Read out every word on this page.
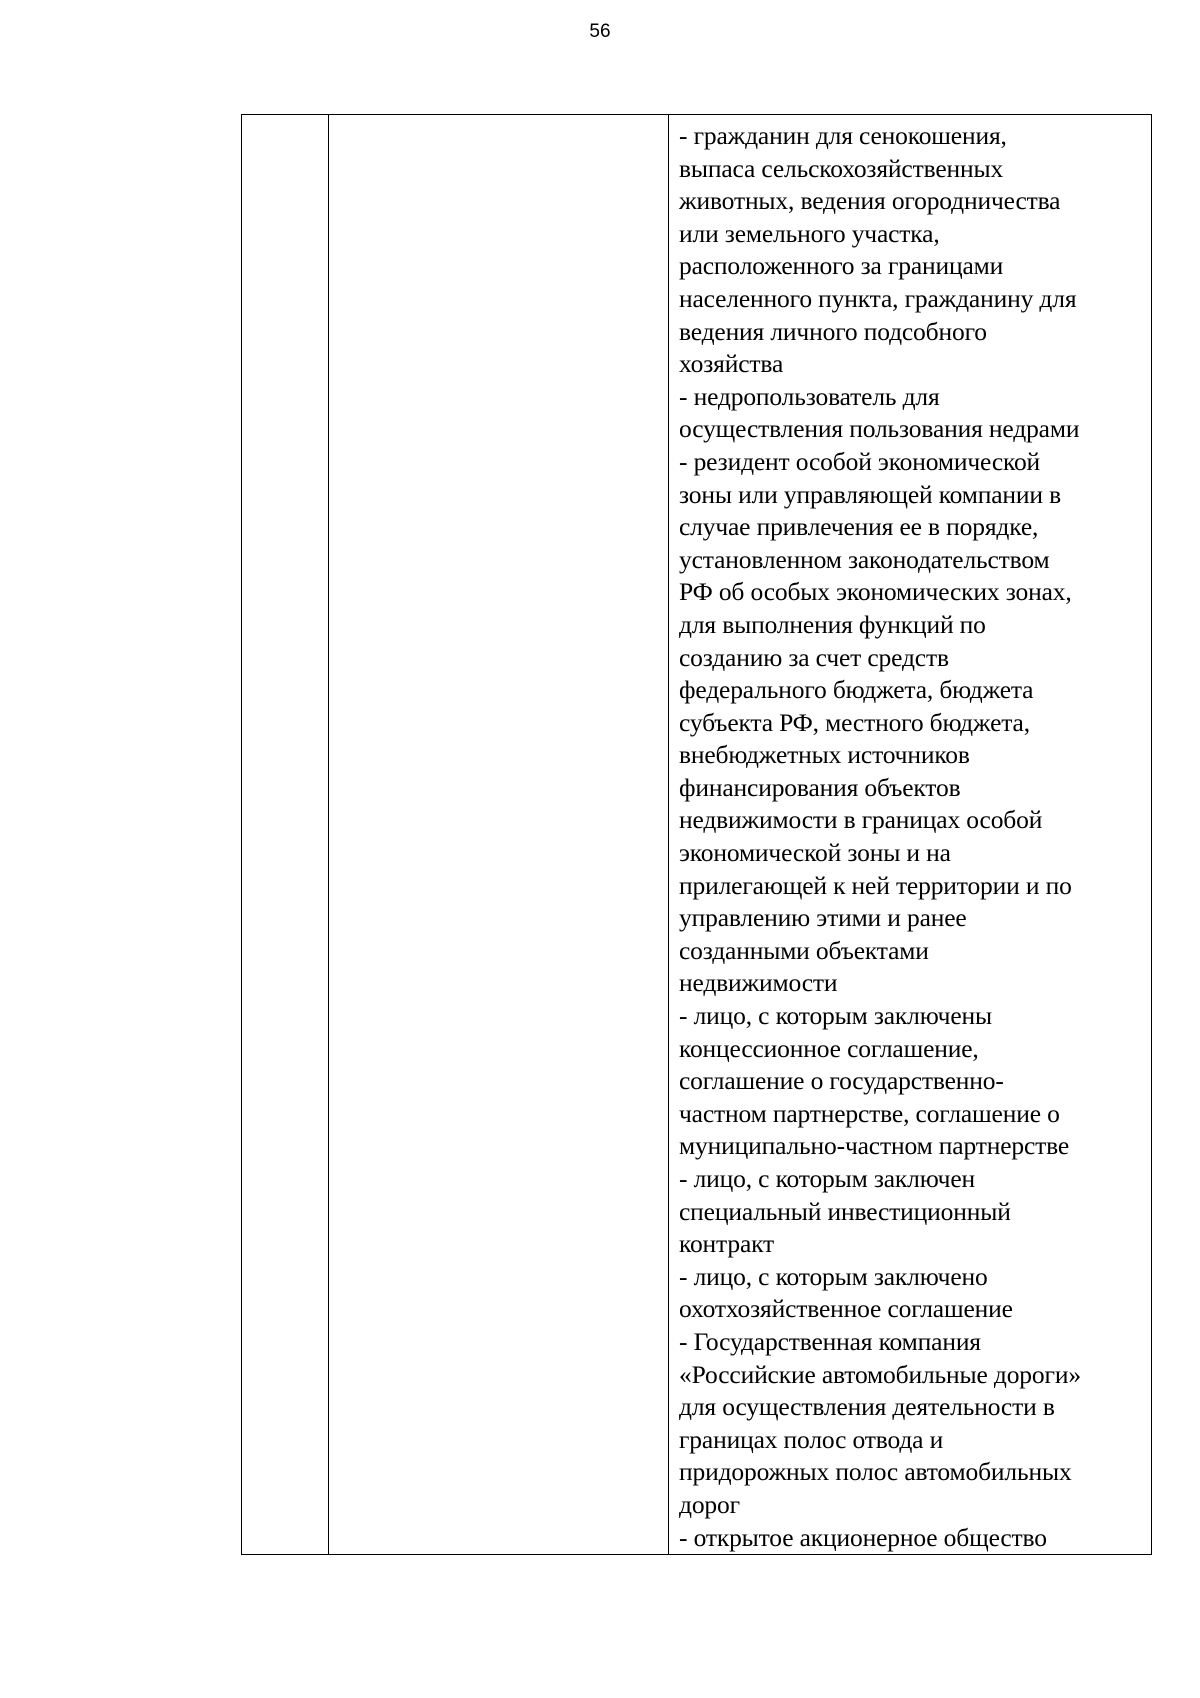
56

- гражданин для сенокошения,
выпаса сельскохозяйственных
животных, ведения огородничества
или земельного участка,
расположенного за границами
населенного пункта, гражданину для
ведения личного подсобного
хозяйства
- недропользователь для
осуществления пользования недрами
- резидент особой экономической
зоны или управляющей компании в
случае привлечения ее в порядке,
установленном законодательством
РФ об особых экономических зонах,
для выполнения функций по
созданию за счет средств
федерального бюджета, бюджета
субъекта РФ, местного бюджета,
внебюджетных источников
финансирования объектов
недвижимости в границах особой
экономической зоны и на
прилегающей к ней территории и по
управлению этими и ранее
созданными объектами
недвижимости
- лицо, с которым заключены
концессионное соглашение,
соглашение о государственно-
частном партнерстве, соглашение о
муниципально-частном партнерстве
- лицо, с которым заключен
специальный инвестиционный
контракт
- лицо, с которым заключено
охотхозяйственное соглашение
- Государственная компания
«Российские автомобильные дороги»
для осуществления деятельности в
границах полос отвода и
придорожных полос автомобильных
дорог
- открытое акционерное общество
